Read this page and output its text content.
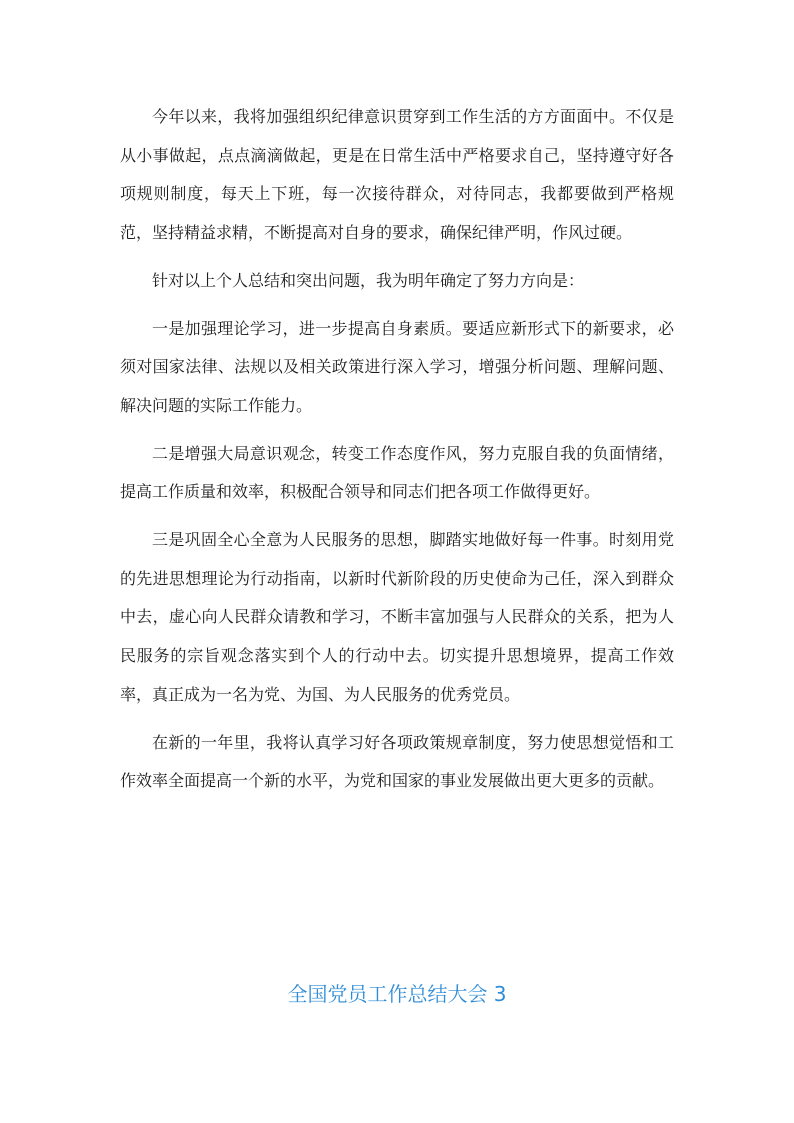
今年以来，我将加强组织纪律意识贯穿到工作生活的方方面面中。不仅是从小事做起，点点滴滴做起，更是在日常生活中严格要求自己，坚持遵守好各项规则制度，每天上下班，每一次接待群众，对待同志，我都要做到严格规范，坚持精益求精，不断提高对自身的要求，确保纪律严明，作风过硬。

针对以上个人总结和突出问题，我为明年确定了努力方向是：

一是加强理论学习，进一步提高自身素质。要适应新形式下的新要求，必须对国家法律、法规以及相关政策进行深入学习，增强分析问题、理解问题、解决问题的实际工作能力。

二是增强大局意识观念，转变工作态度作风，努力克服自我的负面情绪，提高工作质量和效率，积极配合领导和同志们把各项工作做得更好。

三是巩固全心全意为人民服务的思想，脚踏实地做好每一件事。时刻用党的先进思想理论为行动指南，以新时代新阶段的历史使命为己任，深入到群众中去，虚心向人民群众请教和学习，不断丰富加强与人民群众的关系，把为人民服务的宗旨观念落实到个人的行动中去。切实提升思想境界，提高工作效率，真正成为一名为党、为国、为人民服务的优秀党员。

在新的一年里，我将认真学习好各项政策规章制度，努力使思想觉悟和工作效率全面提高一个新的水平，为党和国家的事业发展做出更大更多的贡献。

全国党员工作总结大会 3
